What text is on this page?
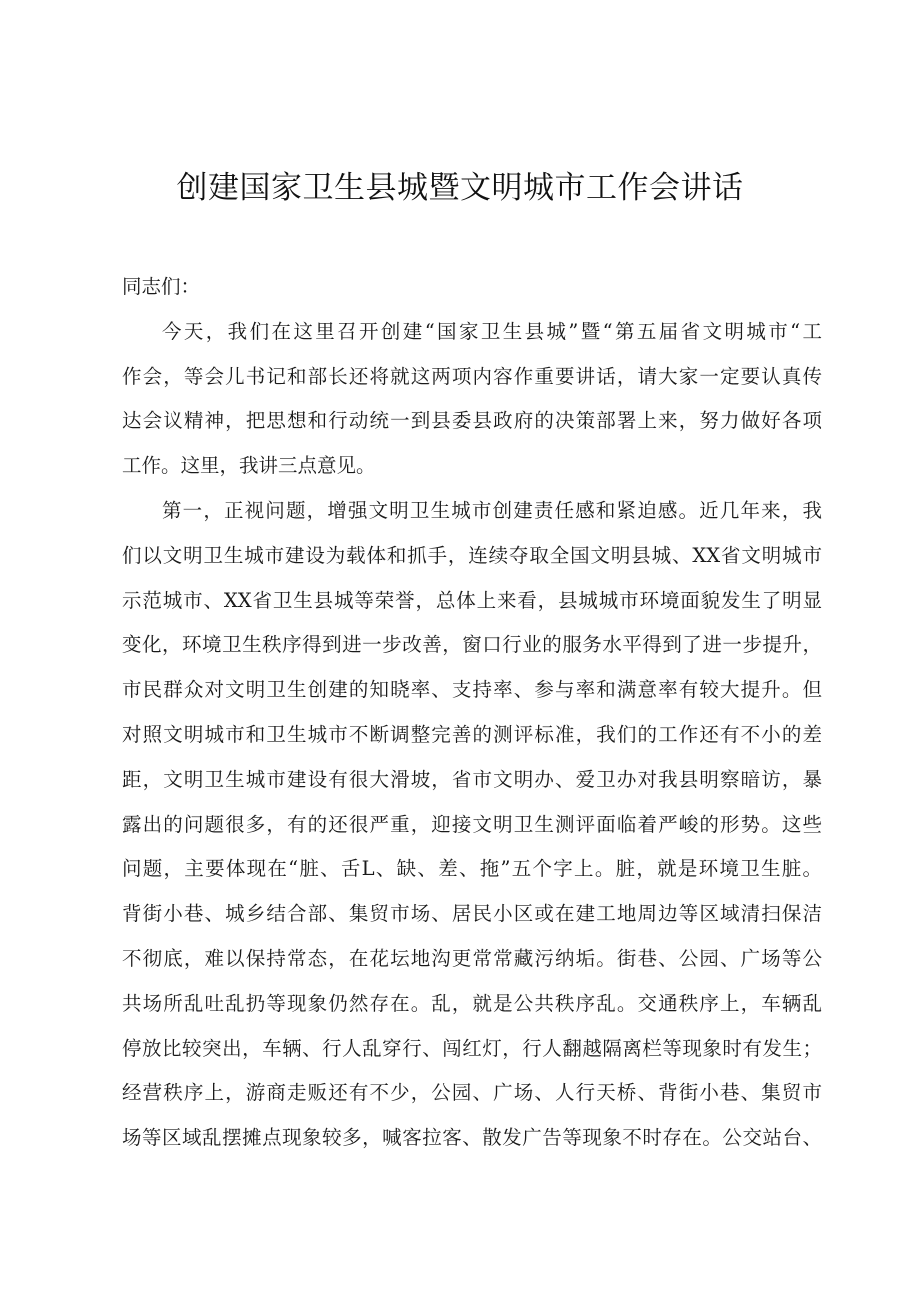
创建国家卫生县城暨文明城市工作会讲话
同志们：
今天，我们在这里召开创建“国家卫生县城”暨“第五届省文明城市“工
作会，等会儿书记和部长还将就这两项内容作重要讲话，请大家一定要认真传
达会议精神，把思想和行动统一到县委县政府的决策部署上来，努力做好各项
工作。这里，我讲三点意见。
第一，正视问题，增强文明卫生城市创建责任感和紧迫感。近几年来，我
们以文明卫生城市建设为载体和抓手，连续夺取全国文明县城、XX省文明城市
示范城市、XX省卫生县城等荣誉，总体上来看，县城城市环境面貌发生了明显
变化，环境卫生秩序得到进一步改善，窗口行业的服务水平得到了进一步提升，
市民群众对文明卫生创建的知晓率、支持率、参与率和满意率有较大提升。但
对照文明城市和卫生城市不断调整完善的测评标准，我们的工作还有不小的差
距，文明卫生城市建设有很大滑坡，省市文明办、爱卫办对我县明察暗访，暴
露出的问题很多，有的还很严重，迎接文明卫生测评面临着严峻的形势。这些
问题，主要体现在“脏、舌L、缺、差、拖”五个字上。脏，就是环境卫生脏。
背街小巷、城乡结合部、集贸市场、居民小区或在建工地周边等区域清扫保洁
不彻底，难以保持常态，在花坛地沟更常常藏污纳垢。街巷、公园、广场等公
共场所乱吐乱扔等现象仍然存在。乱，就是公共秩序乱。交通秩序上，车辆乱
停放比较突出，车辆、行人乱穿行、闯红灯，行人翻越隔离栏等现象时有发生；
经营秩序上，游商走贩还有不少，公园、广场、人行天桥、背街小巷、集贸市
场等区域乱摆摊点现象较多，喊客拉客、散发广告等现象不时存在。公交站台、
